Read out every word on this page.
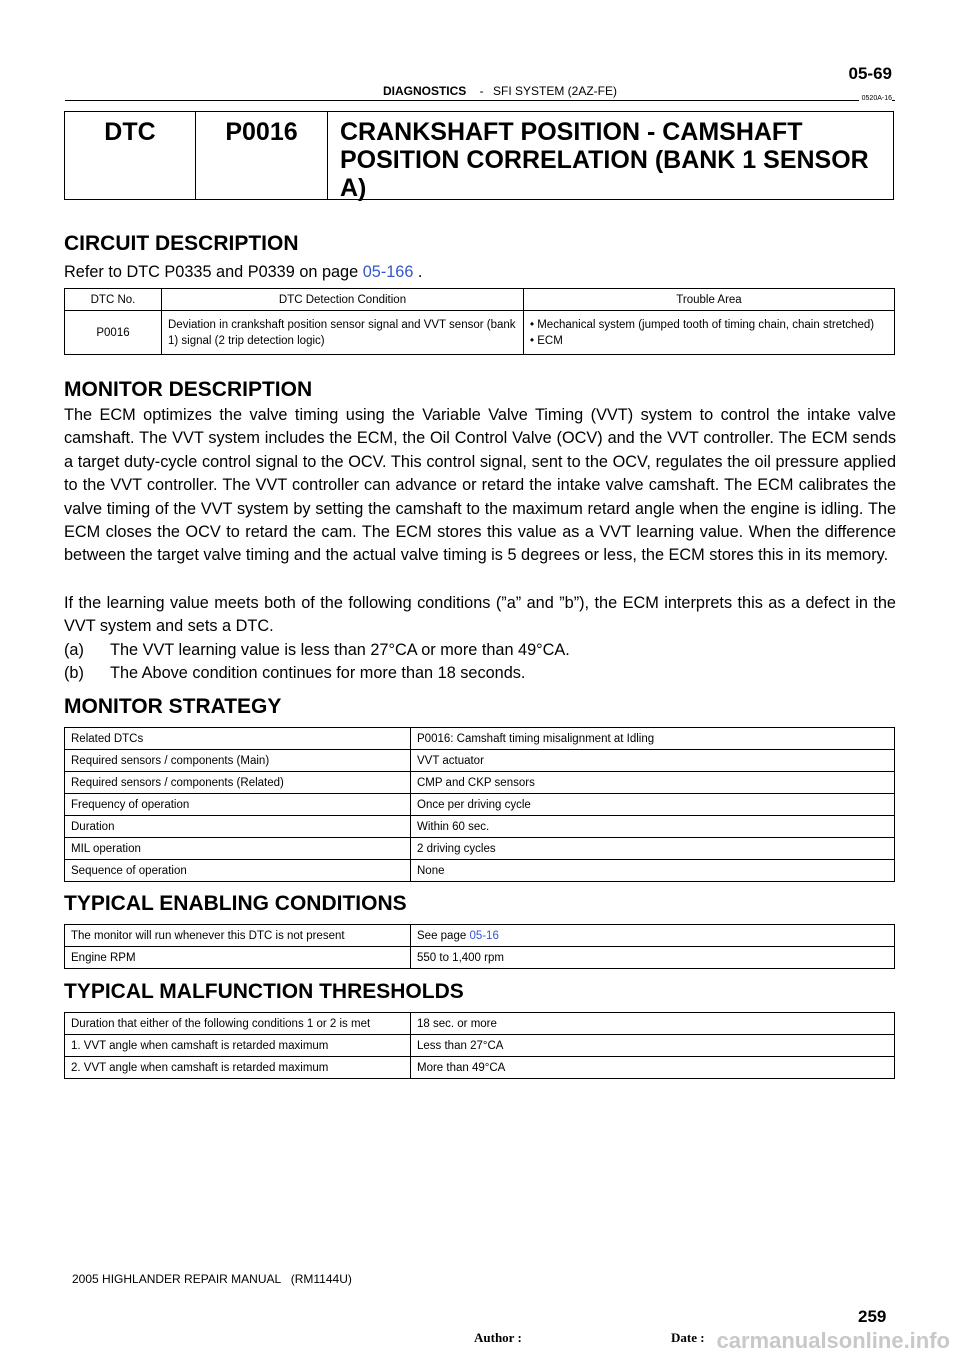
DIAGNOSTICS - SFI SYSTEM (2AZ-FE)
05-69
0520A-16
DTC	P0016	CRANKSHAFT POSITION - CAMSHAFT POSITION CORRELATION (BANK 1 SENSOR A)
CIRCUIT DESCRIPTION
Refer to DTC P0335 and P0339 on page 05-166 .
DTC No.	DTC Detection Condition	Trouble Area
P0016	Deviation in crankshaft position sensor signal and VVT sensor (bank 1) signal (2 trip detection logic)	• Mechanical system (jumped tooth of timing chain, chain stretched)
• ECM
MONITOR DESCRIPTION
The ECM optimizes the valve timing using the Variable Valve Timing (VVT) system to control the intake valve camshaft. The VVT system includes the ECM, the Oil Control Valve (OCV) and the VVT controller. The ECM sends a target duty-cycle control signal to the OCV. This control signal, sent to the OCV, regulates the oil pressure applied to the VVT controller. The VVT controller can advance or retard the intake valve camshaft. The ECM calibrates the valve timing of the VVT system by setting the camshaft to the maximum retard angle when the engine is idling. The ECM closes the OCV to retard the cam. The ECM stores this value as a VVT learning value. When the difference between the target valve timing and the actual valve timing is 5 degrees or less, the ECM stores this in its memory.
If the learning value meets both of the following conditions (”a” and ”b”), the ECM interprets this as a defect in the VVT system and sets a DTC.
(a) The VVT learning value is less than 27°CA or more than 49°CA.
(b) The Above condition continues for more than 18 seconds.
MONITOR STRATEGY
Related DTCs	P0016: Camshaft timing misalignment at Idling
Required sensors / components (Main)	VVT actuator
Required sensors / components (Related)	CMP and CKP sensors
Frequency of operation	Once per driving cycle
Duration	Within 60 sec.
MIL operation	2 driving cycles
Sequence of operation	None
TYPICAL ENABLING CONDITIONS
The monitor will run whenever this DTC is not present	See page 05-16
Engine RPM	550 to 1,400 rpm
TYPICAL MALFUNCTION THRESHOLDS
Duration that either of the following conditions 1 or 2 is met	18 sec. or more
1. VVT angle when camshaft is retarded maximum	Less than 27°CA
2. VVT angle when camshaft is retarded maximum	More than 49°CA
2005 HIGHLANDER REPAIR MANUAL   (RM1144U)
259
Author :	Date : carmanualsonline.info
